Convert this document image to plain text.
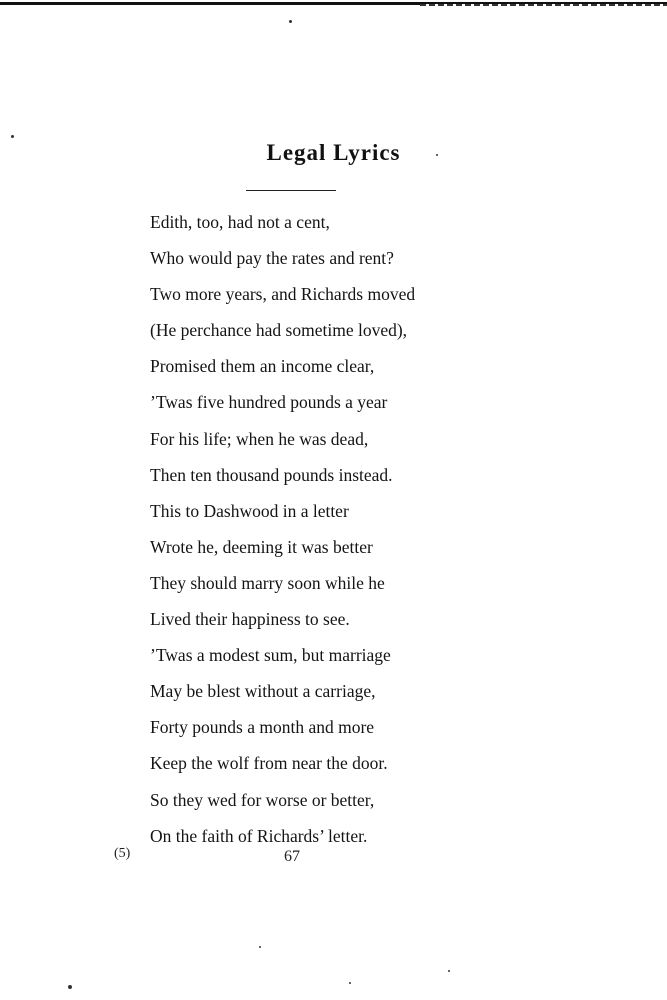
Legal Lyrics
Edith, too, had not a cent,
Who would pay the rates and rent?
Two more years, and Richards moved
(He perchance had sometime loved),
Promised them an income clear,
’Twas five hundred pounds a year
For his life; when he was dead,
Then ten thousand pounds instead.
This to Dashwood in a letter
Wrote he, deeming it was better
They should marry soon while he
Lived their happiness to see.
’Twas a modest sum, but marriage
May be blest without a carriage,
Forty pounds a month and more
Keep the wolf from near the door.
So they wed for worse or better,
On the faith of Richards’ letter.
(5)	67
